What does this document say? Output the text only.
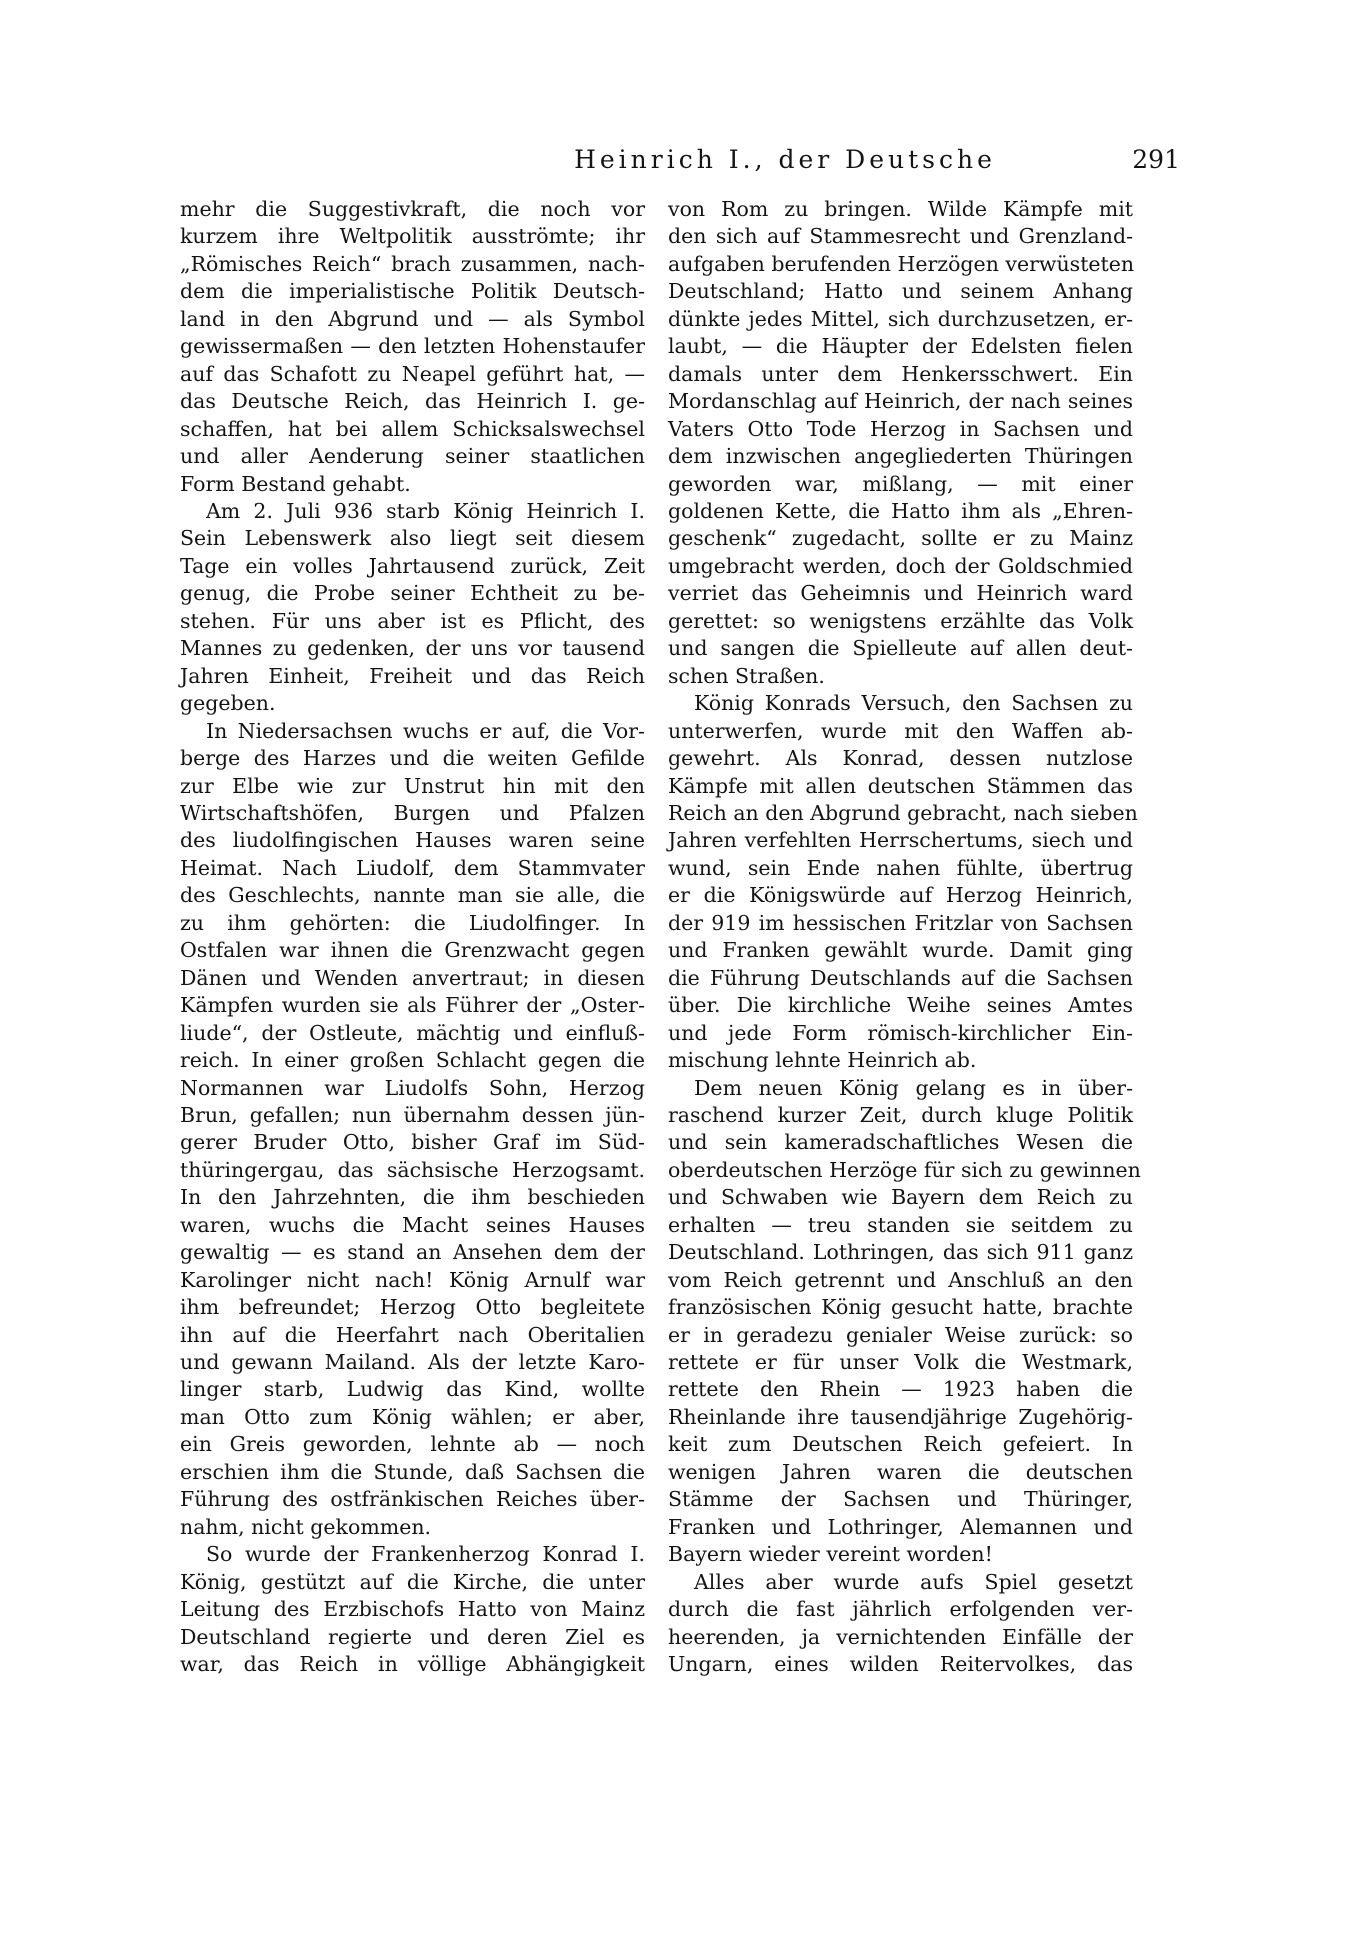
Heinrich I., der Deutsche	291
mehr die Suggestivkraft, die noch vor
kurzem ihre Weltpolitik ausströmte; ihr
„Römisches Reich“ brach zusammen, nach-
dem die imperialistische Politik Deutsch-
land in den Abgrund und — als Symbol
gewissermaßen — den letzten Hohenstaufer
auf das Schafott zu Neapel geführt hat, —
das Deutsche Reich, das Heinrich I. ge-
schaffen, hat bei allem Schicksalswechsel
und aller Aenderung seiner staatlichen
Form Bestand gehabt.
Am 2. Juli 936 starb König Heinrich I.
Sein Lebenswerk also liegt seit diesem
Tage ein volles Jahrtausend zurück, Zeit
genug, die Probe seiner Echtheit zu be-
stehen. Für uns aber ist es Pflicht, des
Mannes zu gedenken, der uns vor tausend
Jahren Einheit, Freiheit und das Reich
gegeben.
In Niedersachsen wuchs er auf, die Vor-
berge des Harzes und die weiten Gefilde
zur Elbe wie zur Unstrut hin mit den
Wirtschaftshöfen, Burgen und Pfalzen
des liudolfingischen Hauses waren seine
Heimat. Nach Liudolf, dem Stammvater
des Geschlechts, nannte man sie alle, die
zu ihm gehörten: die Liudolfinger. In
Ostfalen war ihnen die Grenzwacht gegen
Dänen und Wenden anvertraut; in diesen
Kämpfen wurden sie als Führer der „Oster-
liude“, der Ostleute, mächtig und einfluß-
reich. In einer großen Schlacht gegen die
Normannen war Liudolfs Sohn, Herzog
Brun, gefallen; nun übernahm dessen jün-
gerer Bruder Otto, bisher Graf im Süd-
thüringergau, das sächsische Herzogsamt.
In den Jahrzehnten, die ihm beschieden
waren, wuchs die Macht seines Hauses
gewaltig — es stand an Ansehen dem der
Karolinger nicht nach! König Arnulf war
ihm befreundet; Herzog Otto begleitete
ihn auf die Heerfahrt nach Oberitalien
und gewann Mailand. Als der letzte Karo-
linger starb, Ludwig das Kind, wollte
man Otto zum König wählen; er aber,
ein Greis geworden, lehnte ab — noch
erschien ihm die Stunde, daß Sachsen die
Führung des ostfränkischen Reiches über-
nahm, nicht gekommen.
So wurde der Frankenherzog Konrad I.
König, gestützt auf die Kirche, die unter
Leitung des Erzbischofs Hatto von Mainz
Deutschland regierte und deren Ziel es
war, das Reich in völlige Abhängigkeit
von Rom zu bringen. Wilde Kämpfe mit
den sich auf Stammesrecht und Grenzland-
aufgaben berufenden Herzögen verwüsteten
Deutschland; Hatto und seinem Anhang
dünkte jedes Mittel, sich durchzusetzen, er-
laubt, — die Häupter der Edelsten fielen
damals unter dem Henkersschwert. Ein
Mordanschlag auf Heinrich, der nach seines
Vaters Otto Tode Herzog in Sachsen und
dem inzwischen angegliederten Thüringen
geworden war, mißlang, — mit einer
goldenen Kette, die Hatto ihm als „Ehren-
geschenk“ zugedacht, sollte er zu Mainz
umgebracht werden, doch der Goldschmied
verriet das Geheimnis und Heinrich ward
gerettet: so wenigstens erzählte das Volk
und sangen die Spielleute auf allen deut-
schen Straßen.
König Konrads Versuch, den Sachsen zu
unterwerfen, wurde mit den Waffen ab-
gewehrt. Als Konrad, dessen nutzlose
Kämpfe mit allen deutschen Stämmen das
Reich an den Abgrund gebracht, nach sieben
Jahren verfehlten Herrschertums, siech und
wund, sein Ende nahen fühlte, übertrug
er die Königswürde auf Herzog Heinrich,
der 919 im hessischen Fritzlar von Sachsen
und Franken gewählt wurde. Damit ging
die Führung Deutschlands auf die Sachsen
über. Die kirchliche Weihe seines Amtes
und jede Form römisch-kirchlicher Ein-
mischung lehnte Heinrich ab.
Dem neuen König gelang es in über-
raschend kurzer Zeit, durch kluge Politik
und sein kameradschaftliches Wesen die
oberdeutschen Herzöge für sich zu gewinnen
und Schwaben wie Bayern dem Reich zu
erhalten — treu standen sie seitdem zu
Deutschland. Lothringen, das sich 911 ganz
vom Reich getrennt und Anschluß an den
französischen König gesucht hatte, brachte
er in geradezu genialer Weise zurück: so
rettete er für unser Volk die Westmark,
rettete den Rhein — 1923 haben die
Rheinlande ihre tausendjährige Zugehörig-
keit zum Deutschen Reich gefeiert. In
wenigen Jahren waren die deutschen
Stämme der Sachsen und Thüringer,
Franken und Lothringer, Alemannen und
Bayern wieder vereint worden!
Alles aber wurde aufs Spiel gesetzt
durch die fast jährlich erfolgenden ver-
heerenden, ja vernichtenden Einfälle der
Ungarn, eines wilden Reitervolkes, das
